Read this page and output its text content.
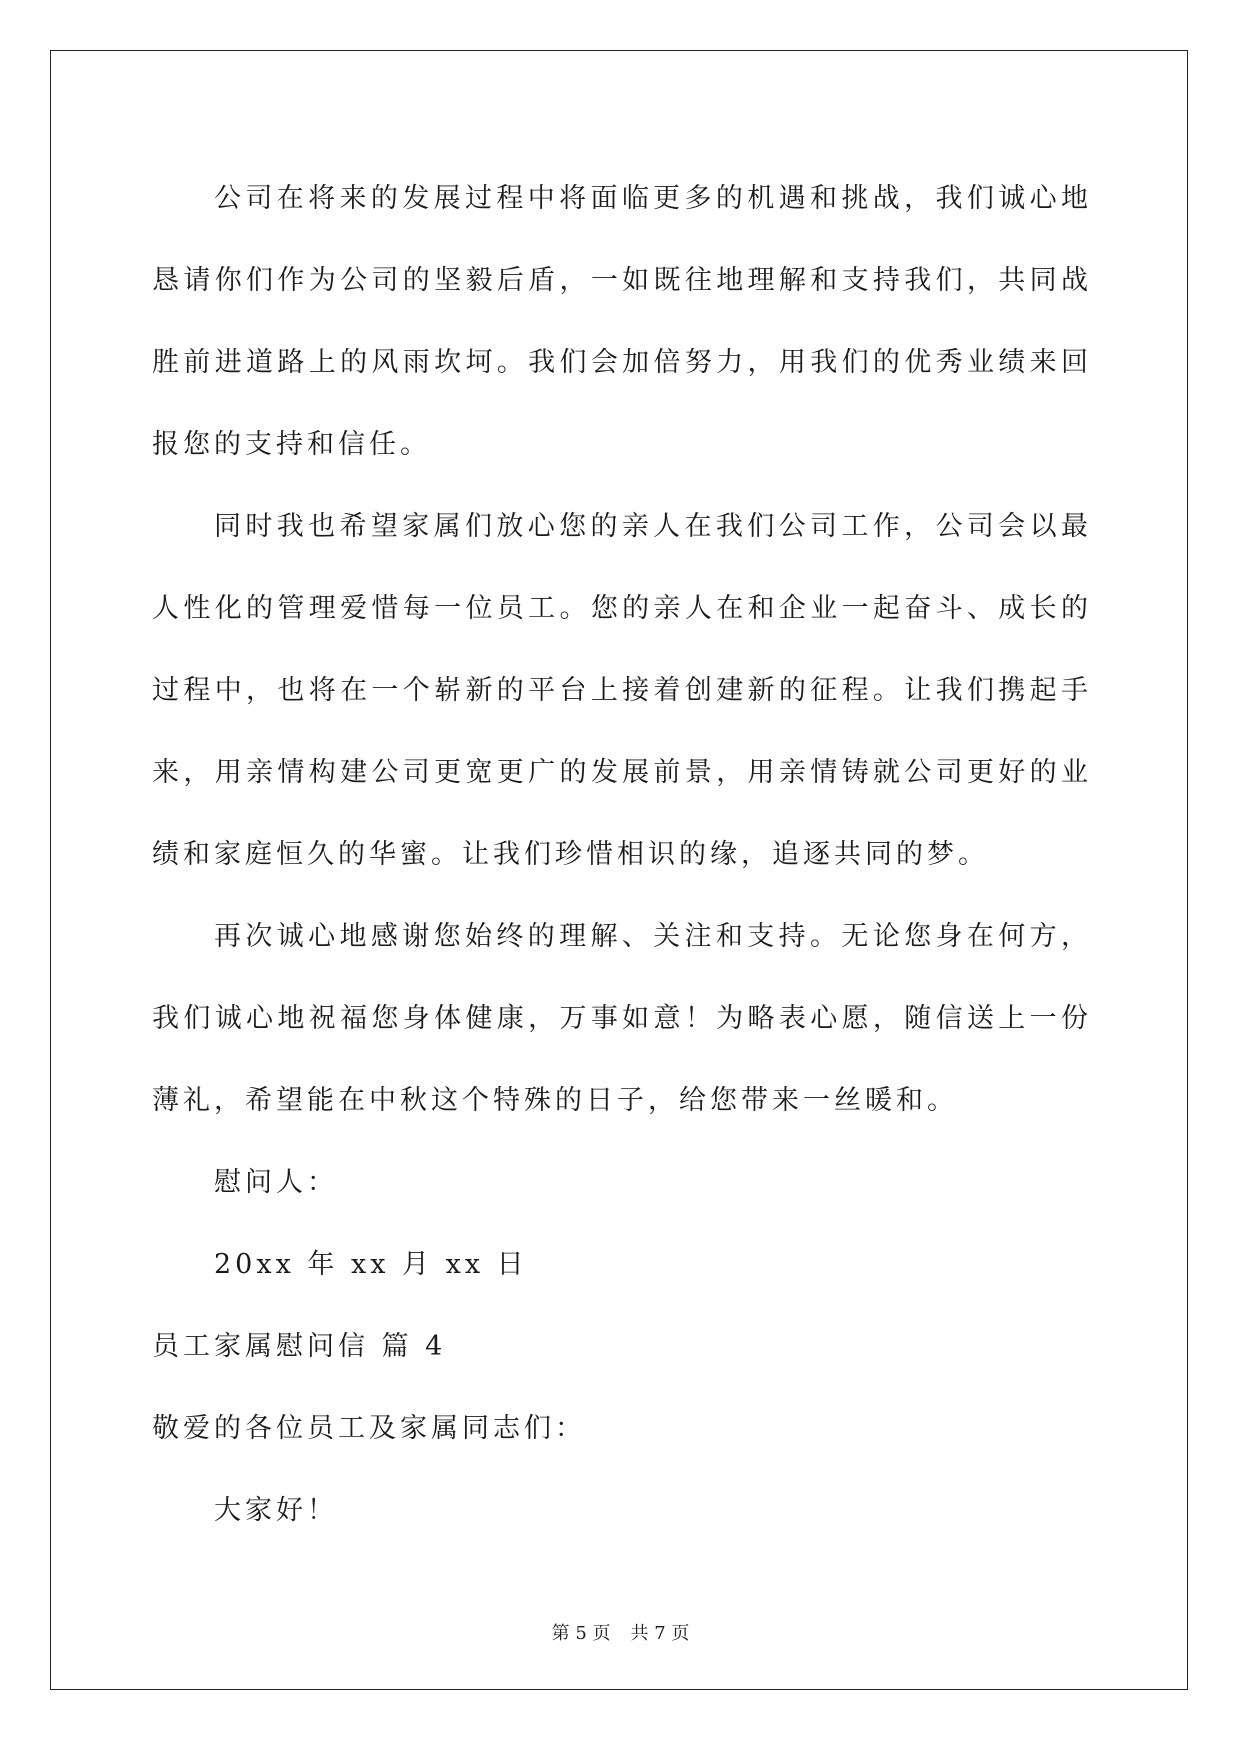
公司在将来的发展过程中将面临更多的机遇和挑战，我们诚心地恳请你们作为公司的坚毅后盾，一如既往地理解和支持我们，共同战胜前进道路上的风雨坎坷。我们会加倍努力，用我们的优秀业绩来回报您的支持和信任。

同时我也希望家属们放心您的亲人在我们公司工作，公司会以最人性化的管理爱惜每一位员工。您的亲人在和企业一起奋斗、成长的过程中，也将在一个崭新的平台上接着创建新的征程。让我们携起手来，用亲情构建公司更宽更广的发展前景，用亲情铸就公司更好的业绩和家庭恒久的华蜜。让我们珍惜相识的缘，追逐共同的梦。

再次诚心地感谢您始终的理解、关注和支持。无论您身在何方，我们诚心地祝福您身体健康，万事如意！为略表心愿，随信送上一份薄礼，希望能在中秋这个特殊的日子，给您带来一丝暖和。

慰问人：

20xx 年 xx 月 xx 日

员工家属慰问信 篇 4

敬爱的各位员工及家属同志们：

大家好！

第 5 页 共 7 页
